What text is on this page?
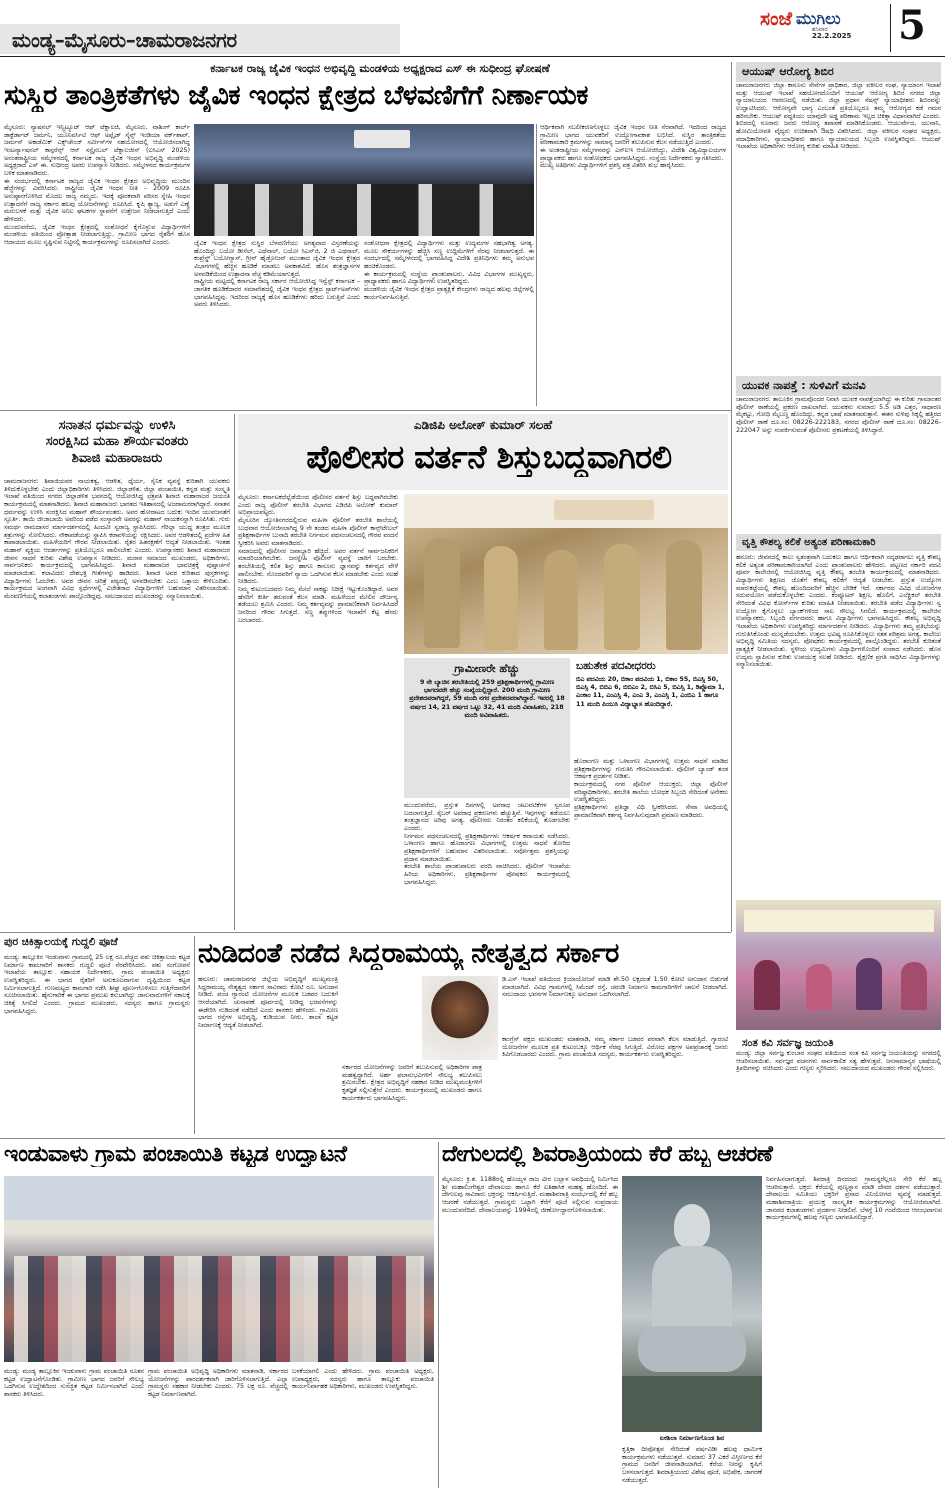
ಮಂಡ್ಯ–ಮೈಸೂರು–ಚಾಮರಾಜನಗರ
ಸಂಜೆ ಮುಗಿಲು
ಶನಿವಾರ
22.2.2025 5
ಕರ್ನಾಟಕ ರಾಜ್ಯ ಜೈವಿಕ ಇಂಧನ ಅಭಿವೃದ್ಧಿ ಮಂಡಳಿಯ ಅಧ್ಯಕ್ಷರಾದ ಎಸ್ ಈ ಸುಧೀಂದ್ರ ಘೋಷಣೆ
ಸುಸ್ಥಿರ ತಾಂತ್ರಿಕತೆಗಳು ಜೈವಿಕ ಇಂಧನ ಕ್ಷೇತ್ರದ ಬೆಳವಣಿಗೆಗೆ ನಿರ್ಣಾಯಕ
ಮೈಸೂರು: ನ್ಯಾಷನಲ್ ಇನ್ಸ್ಟಿಟ್ಯೂಟ್ ಆಫ್ ಟೆಕ್ನಾಲಜಿ, ಮೈಸೂರು, ವಾಶಿಂಗ್ ಕಾರ್ಲ್ ಡಾಕ್ಟೆರ್ಡಾಟ್ ಜರ್ಮನಿ, ಯೂನಿವರ್ಸಿಟಿ ಆಫ್ ಅಪ್ಲೈಡ್ ಸೈನ್ಸ್ ಇಂಡಿಯಾ ವರ್ಕ್‌ಶಾಪ್, ಜರ್ಮನ್ ಅಕಾಡೆಮಿಕ್ ಎಕ್ಸ್‌ಚೇಂಜ್ ಸರ್ವೀಸ್‌ಗಳ ಸಹಯೋಗದಲ್ಲಿ ಆಯೋಜಿಸಲಾಗಿದ್ದ ಇಂಟರ್ನ್ಯಾಷನಲ್ ಕಾನ್ಫರೆನ್ಸ್ ಆನ್ ಸಸ್ಟೈನಬಲ್ ಟೆಕ್ನಾಲಜೀಸ್ (ಐಸಿಎಸ್ 2025) ಅನಂತರಾಷ್ಟ್ರೀಯ ಸಮ್ಮೇಳನದಲ್ಲಿ ಕರ್ನಾಟಕ ರಾಜ್ಯ ಜೈವಿಕ ಇಂಧನ ಅಭಿವೃದ್ಧಿ ಮಂಡಳಿಯ ಅಧ್ಯಕ್ಷರಾದ ಎಸ್ ಈ. ಸುಧೀಂದ್ರ ಅವರು ಉಪನ್ಯಾಸ ನೀಡಿದರು. ಸಮ್ಮೇಳನದ ಕಾರ್ಯಕ್ರಮಗಳ ಬಳಿಕ ಮಾತನಾಡಿದರು.
ಈ ಸಂದರ್ಭದಲ್ಲಿ ಕರ್ನಾಟಕ ರಾಜ್ಯದ ಜೈವಿಕ ಇಂಧನ ಕ್ಷೇತ್ರದ ಅಭಿವೃದ್ಧಿಯ ಮುಂದಿನ ಹೆಜ್ಜೆಗಳನ್ನು ವಿವರಿಸಿದರು. ರಾಷ್ಟ್ರೀಯ ಜೈವಿಕ ಇಂಧನ ನೀತಿ – 2009 ರೂಪಿಸಿ ಅನುಷ್ಠಾನಗೊಳಿಸಿದ ಮೊದಲ ರಾಜ್ಯ ನಮ್ಮದು. ಇದಕ್ಕೆ ಪೂರಕವಾಗಿ ಪರಿಸರ ಸ್ನೇಹಿ ಇಂಧನ ಉತ್ಪಾದನೆಗೆ ರಾಜ್ಯ ಸರ್ಕಾರ ಹಲವು ಯೋಜನೆಗಳನ್ನು ರೂಪಿಸಿದೆ. ಕೃಷಿ ತ್ಯಾಜ್ಯ, ಅಡುಗೆ ಎಣ್ಣೆ ಮರುಬಳಕೆ ಮತ್ತು ಜೈವಿಕ ಅನಿಲ ಘಟಕಗಳ ಸ್ಥಾಪನೆಗೆ ಉತ್ತೇಜನ ನೀಡಲಾಗುತ್ತಿದೆ ಎಂದು ಹೇಳಿದರು.
ಮುಂದುವರೆದು, ಜೈವಿಕ ಇಂಧನ ಕ್ಷೇತ್ರದಲ್ಲಿ ಸಂಶೋಧನೆ ಕೈಗೊಳ್ಳುವ ವಿದ್ಯಾರ್ಥಿಗಳಿಗೆ ಮಂಡಳಿಯ ವತಿಯಿಂದ ಪ್ರೋತ್ಸಾಹ ನೀಡಲಾಗುತ್ತಿದ್ದು, ಗ್ರಾಮೀಣ ಭಾಗದ ರೈತರಿಗೆ ಹೊಸ ಆದಾಯದ ಮೂಲ ಸೃಷ್ಟಿಸುವ ನಿಟ್ಟಿನಲ್ಲಿ ಕಾರ್ಯಕ್ರಮಗಳನ್ನು ರೂಪಿಸಲಾಗಿದೆ ಎಂದರು.	ಜೈವಿಕ ಇಂಧನ ಕ್ಷೇತ್ರದ ಸುಸ್ಥಿರ ಬೆಳವಣಿಗೆಯು ಅಗತ್ಯವಾದ ವಿಸ್ತರಣೆಯನ್ನು ಹೊಂದಿದ್ದು ಬಯೋ ಡೀಸೆಲ್, ಎಥೆನಾಲ್, ಬಯೋ ಸಿಎನ್‌ಜಿ, 2 ಜಿ ಎಥನಾಲ್, ಕಂಪ್ರೆಸ್ಡ್ ಬಯೋಗ್ಯಾಸ್, ಗ್ರೀನ್ ಹೈಡ್ರೋಜನ್ ಮುಂತಾದ ಜೈವಿಕ ಇಂಧನ ಕ್ಷೇತ್ರದ ವಿಭಾಗಗಳಲ್ಲಿ ಹೆಚ್ಚಿನ ಹೂಡಿಕೆ ಮಾಡಲು ಅವಕಾಶವಿದೆ. ಹೊಸ ತಂತ್ರಜ್ಞಾನಗಳ ಅಳವಡಿಕೆಯಿಂದ ಉತ್ಪಾದನಾ ವೆಚ್ಚ ಕಡಿಮೆಯಾಗುತ್ತದೆ.
ರಾಷ್ಟ್ರೀಯ ಮಟ್ಟದಲ್ಲಿ ಕರ್ನಾಟಕ ರಾಜ್ಯ ಸರ್ಕಾರ ಆಯೋಜಿಸಿದ್ದ ಇನ್ವೆಸ್ಟ್ ಕರ್ನಾಟಕ – ಜಾಗತಿಕ ಹೂಡಿಕೆದಾರರ ಸಮಾವೇಶದಲ್ಲಿ ಜೈವಿಕ ಇಂಧನ ಕ್ಷೇತ್ರದ ಸ್ಟಾರ್ಟ್‌ಅಪ್‌ಗಳು ಭಾಗವಹಿಸಿದ್ದವು. ಇದರಿಂದ ರಾಜ್ಯಕ್ಕೆ ಹೊಸ ಹೂಡಿಕೆಗಳು ಹರಿದು ಬರುತ್ತಿವೆ ಎಂದು ಅವರು ತಿಳಿಸಿದರು.
ಸಂಶೋಧನಾ ಕ್ಷೇತ್ರದಲ್ಲಿ ವಿದ್ಯಾರ್ಥಿಗಳು ಮತ್ತು ಉದ್ಯಮಗಳ ಸಹಭಾಗಿತ್ವ ಅಗತ್ಯ. ಮೂಲ ಸೌಕರ್ಯಗಳನ್ನು ಹೆಚ್ಚಿಸಿ ಸಣ್ಣ ಉದ್ದಿಮೆಗಳಿಗೆ ನೆರವು ನೀಡಲಾಗುತ್ತದೆ. ಈ ಸಂದರ್ಭದಲ್ಲಿ ಸಮ್ಮೇಳನದಲ್ಲಿ ಭಾಗವಹಿಸಿದ್ದ ವಿದೇಶಿ ಪ್ರತಿನಿಧಿಗಳು ತಮ್ಮ ಅನುಭವ ಹಂಚಿಕೊಂಡರು.
ಈ ಕಾರ್ಯಕ್ರಮದಲ್ಲಿ ಸಂಸ್ಥೆಯ ಪ್ರಾಂಶುಪಾಲರು, ವಿವಿಧ ವಿಭಾಗಗಳ ಮುಖ್ಯಸ್ಥರು, ಪ್ರಾಧ್ಯಾಪಕರು ಹಾಗೂ ವಿದ್ಯಾರ್ಥಿಗಳು ಉಪಸ್ಥಿತರಿದ್ದರು.
ಮಂಡಳಿಯ ಜೈವಿಕ ಇಂಧನ ಕ್ಷೇತ್ರದ ಪ್ರಾತ್ಯಕ್ಷಿಕೆ ಕೇಂದ್ರಗಳು ರಾಜ್ಯದ ಹಲವು ಜಿಲ್ಲೆಗಳಲ್ಲಿ ಕಾರ್ಯನಿರ್ವಹಿಸುತ್ತಿವೆ.
ಆರ್ಥಿಕವಾಗಿ ಸಬಲೀಕರಣಗೊಳ್ಳಲು ಜೈವಿಕ ಇಂಧನ ನೀತಿ ನೆರವಾಗಿದೆ. ಇದರಿಂದ ರಾಜ್ಯದ ಗ್ರಾಮೀಣ ಭಾಗದ ಯುವಕರಿಗೆ ಉದ್ಯೋಗಾವಕಾಶ ಲಭಿಸಿದೆ. ಸುಸ್ಥಿರ ತಾಂತ್ರಿಕತೆಯ ಪರಿಣಾಮಕಾರಿ ಕ್ರಮಗಳನ್ನು ಸಾಮಾನ್ಯ ಜನರಿಗೆ ತಲುಪಿಸುವ ಕೆಲಸ ನಡೆಯುತ್ತಿದೆ ಎಂದರು.
ಈ ಅಂತರಾಷ್ಟ್ರೀಯ ಸಮ್ಮೇಳನವನ್ನು ಎನ್‌ಐಇ ಆಯೋಜಿಸಿದ್ದು, ವಿದೇಶಿ ವಿಶ್ವವಿದ್ಯಾಲಯಗಳ ಪ್ರಾಧ್ಯಾಪಕರು ಹಾಗೂ ಸಂಶೋಧಕರು ಭಾಗವಹಿಸಿದ್ದರು. ಸಂಸ್ಥೆಯ ನಿರ್ದೇಶಕರು ಸ್ವಾಗತಿಸಿದರು.
ಮುಖ್ಯ ಅತಿಥಿಗಳು ವಿದ್ಯಾರ್ಥಿಗಳಿಗೆ ಪ್ರಶಸ್ತಿ ಪತ್ರ ವಿತರಿಸಿ ಶುಭ ಹಾರೈಸಿದರು.
ಆಯುಷ್ ಆರೋಗ್ಯ ಶಿಬಿರ
ಚಾಮರಾಜನಗರ: ಜಿಲ್ಲಾ ಕಾನೂನು ಸೇವೆಗಳ ಪ್ರಾಧಿಕಾರ, ಜಿಲ್ಲಾ ವಕೀಲರ ಸಂಘ, ನ್ಯಾಯಾಂಗ ಇಲಾಖೆ ಮತ್ತು ಆಯುಷ್ ಇಲಾಖೆ ಸಹಯೋಗದೊಂದಿಗೆ ಆಯುಷ್ ಆರೋಗ್ಯ ಶಿಬಿರ ನಗರದ ಜಿಲ್ಲಾ ನ್ಯಾಯಾಲಯದ ಆವರಣದಲ್ಲಿ ನಡೆಯಿತು. ಜಿಲ್ಲಾ ಪ್ರಧಾನ ಸೆಷನ್ಸ್ ನ್ಯಾಯಾಧೀಶರು ಶಿಬಿರವನ್ನು ಉದ್ಘಾಟಿಸಿದರು. ಆರೋಗ್ಯವೇ ಭಾಗ್ಯ ಎಂಬಂತೆ ಪ್ರತಿಯೊಬ್ಬರೂ ತಮ್ಮ ಆರೋಗ್ಯದ ಕಡೆ ಗಮನ ಹರಿಸಬೇಕು. ಆಯುಷ್ ಪದ್ಧತಿಯು ಯಾವುದೇ ಅಡ್ಡ ಪರಿಣಾಮ ಇಲ್ಲದ ಚಿಕಿತ್ಸಾ ವಿಧಾನವಾಗಿದೆ ಎಂದರು. ಶಿಬಿರದಲ್ಲಿ ನೂರಾರು ಜನರು ಆರೋಗ್ಯ ತಪಾಸಣೆ ಮಾಡಿಸಿಕೊಂಡರು. ಆಯುರ್ವೇದ, ಯುನಾನಿ, ಹೋಮಿಯೋಪತಿ ವೈದ್ಯರು ಉಚಿತವಾಗಿ ಔಷಧಿ ವಿತರಿಸಿದರು. ಜಿಲ್ಲಾ ವಕೀಲರ ಸಂಘದ ಅಧ್ಯಕ್ಷರು, ಪದಾಧಿಕಾರಿಗಳು, ನ್ಯಾಯಾಧೀಶರು ಹಾಗೂ ನ್ಯಾಯಾಲಯದ ಸಿಬ್ಬಂದಿ ಉಪಸ್ಥಿತರಿದ್ದರು. ಆಯುಷ್ ಇಲಾಖೆಯ ಅಧಿಕಾರಿಗಳು ಆರೋಗ್ಯ ಕುರಿತು ಮಾಹಿತಿ ನೀಡಿದರು.
ಯುವಕ ನಾಪತ್ತೆ : ಸುಳಿವಿಗೆ ಮನವಿ
ಚಾಮರಾಜನಗರ: ತಾಲೂಕಿನ ಗ್ರಾಮವೊಂದರ ನಿವಾಸಿ ಯುವಕ ನಾಪತ್ತೆಯಾಗಿದ್ದು ಈ ಕುರಿತು ಗ್ರಾಮಾಂತರ ಪೊಲೀಸ್ ಠಾಣೆಯಲ್ಲಿ ಪ್ರಕರಣ ದಾಖಲಾಗಿದೆ. ಯುವಕನು ಸುಮಾರು 5.5 ಅಡಿ ಎತ್ತರ, ಸಾಧಾರಣ ಮೈಕಟ್ಟು, ಗೋಧಿ ಮೈಬಣ್ಣ ಹೊಂದಿದ್ದು, ಕನ್ನಡ ಭಾಷೆ ಮಾತನಾಡುತ್ತಾನೆ. ಈತನ ಸುಳಿವು ಸಿಕ್ಕಲ್ಲಿ ಹತ್ತಿರದ ಪೊಲೀಸ್ ಠಾಣೆ ದೂ.ಸಂ: 08226-222183, ನಗರದ ಪೊಲೀಸ್ ಠಾಣೆ ದೂ.ಸಂ: 08226-222047 ಅನ್ನು ಸಂಪರ್ಕಿಸುವಂತೆ ಪೊಲೀಸರು ಪ್ರಕಟಣೆಯಲ್ಲಿ ತಿಳಿಸಿದ್ದಾರೆ.
ವೃತ್ತಿ ಕೌಶಲ್ಯ ಕಲಿಕೆ ಅತ್ಯಂತ ಪರಿಣಾಮಕಾರಿ
ಹನೂರು: ಜೀವನದಲ್ಲಿ ಕಾಲು ಸ್ವತಂತ್ರವಾಗಿ ಬದುಕಲು ಹಾಗೂ ಆರ್ಥಿಕವಾಗಿ ಸದೃಢರಾಗಲು ವೃತ್ತಿ ಕೌಶಲ್ಯ ಕಲಿಕೆ ಅತ್ಯಂತ ಪರಿಣಾಮಕಾರಿಯಾಗಿದೆ ಎಂದು ಪ್ರಾಂಶುಪಾಲರು ಹೇಳಿದರು. ಪಟ್ಟಣದ ಸರ್ಕಾರಿ ಪದವಿ ಪೂರ್ವ ಕಾಲೇಜಿನಲ್ಲಿ ಆಯೋಜಿಸಿದ್ದ ವೃತ್ತಿ ಕೌಶಲ್ಯ ತರಬೇತಿ ಕಾರ್ಯಕ್ರಮದಲ್ಲಿ ಮಾತನಾಡಿದರು. ವಿದ್ಯಾರ್ಥಿಗಳು ಶಿಕ್ಷಣದ ಜೊತೆಗೆ ಕೌಶಲ್ಯ ಕಲಿಕೆಗೆ ಆದ್ಯತೆ ನೀಡಬೇಕು. ಪ್ರಸ್ತುತ ಉದ್ಯೋಗ ಮಾರುಕಟ್ಟೆಯಲ್ಲಿ ಕೌಶಲ್ಯ ಹೊಂದಿದವರಿಗೆ ಹೆಚ್ಚಿನ ಬೇಡಿಕೆ ಇದೆ. ಸರ್ಕಾರದ ವಿವಿಧ ಯೋಜನೆಗಳ ಸದುಪಯೋಗ ಪಡೆದುಕೊಳ್ಳಬೇಕು ಎಂದರು. ಕಂಪ್ಯೂಟರ್ ಶಿಕ್ಷಣ, ಹೊಲಿಗೆ, ಎಲೆಕ್ಟ್ರಿಕಲ್ ತರಬೇತಿ ಸೇರಿದಂತೆ ವಿವಿಧ ಕೋರ್ಸ್‌ಗಳ ಕುರಿತು ಮಾಹಿತಿ ನೀಡಲಾಯಿತು. ತರಬೇತಿ ಪಡೆದ ವಿದ್ಯಾರ್ಥಿಗಳು ಸ್ವ ಉದ್ಯೋಗ ಕೈಗೊಳ್ಳಲು ಬ್ಯಾಂಕ್‌ಗಳಿಂದ ಸಾಲ ಸೌಲಭ್ಯ ಸಿಗಲಿದೆ. ಕಾರ್ಯಕ್ರಮದಲ್ಲಿ ಕಾಲೇಜಿನ ಉಪನ್ಯಾಸಕರು, ಸಿಬ್ಬಂದಿ ವರ್ಗದವರು ಹಾಗೂ ವಿದ್ಯಾರ್ಥಿಗಳು ಭಾಗವಹಿಸಿದ್ದರು. ಕೌಶಲ್ಯ ಅಭಿವೃದ್ಧಿ ಇಲಾಖೆಯ ಅಧಿಕಾರಿಗಳು ಉಪಸ್ಥಿತರಿದ್ದು ಮಾರ್ಗದರ್ಶನ ನೀಡಿದರು. ವಿದ್ಯಾರ್ಥಿಗಳು ತಮ್ಮ ಪ್ರತಿಭೆಯನ್ನು ಗುರುತಿಸಿಕೊಂಡು ಮುನ್ನಡೆಯಬೇಕು. ಉತ್ತಮ ಭವಿಷ್ಯ ರೂಪಿಸಿಕೊಳ್ಳಲು ಸತತ ಪರಿಶ್ರಮ ಅಗತ್ಯ. ಕಾಲೇಜು ಅಭಿವೃದ್ಧಿ ಸಮಿತಿಯ ಸದಸ್ಯರು, ಪೋಷಕರು ಕಾರ್ಯಕ್ರಮದಲ್ಲಿ ಪಾಲ್ಗೊಂಡಿದ್ದರು. ತರಬೇತಿ ಕುರಿತಂತೆ ಪ್ರಾತ್ಯಕ್ಷಿಕೆ ನೀಡಲಾಯಿತು. ಸ್ಥಳೀಯ ಉದ್ಯಮಿಗಳು ವಿದ್ಯಾರ್ಥಿಗಳೊಂದಿಗೆ ಸಂವಾದ ನಡೆಸಿದರು. ಹೊಸ ಉದ್ಯಮ ಸ್ಥಾಪಿಸುವ ಕುರಿತು ಉಪಯುಕ್ತ ಸಲಹೆ ನೀಡಿದರು. ಶೈಕ್ಷಣಿಕ ಪ್ರಗತಿ ಸಾಧಿಸಿದ ವಿದ್ಯಾರ್ಥಿಗಳನ್ನು ಸನ್ಮಾನಿಸಲಾಯಿತು.
ಸಂತ ಕವಿ ಸರ್ವಜ್ಞ ಜಯಂತಿ
ಮಂಡ್ಯ: ಜಿಲ್ಲಾ ಸರ್ವಜ್ಞ ಕುಂಬಾರ ಸಂಘದ ವತಿಯಿಂದ ಸಂತ ಕವಿ ಸರ್ವಜ್ಞ ಜಯಂತಿಯನ್ನು ನಗರದಲ್ಲಿ ಆಚರಿಸಲಾಯಿತು. ಸರ್ವಜ್ಞರ ವಚನಗಳು ಸಾರ್ವಕಾಲಿಕ ಸತ್ಯ ಹೇಳುತ್ತವೆ. ಜನಸಾಮಾನ್ಯರ ಭಾಷೆಯಲ್ಲಿ ತ್ರಿಪದಿಗಳನ್ನು ರಚಿಸಿದರು ಎಂದು ಗಣ್ಯರು ಸ್ಮರಿಸಿದರು. ಸಮುದಾಯದ ಮುಖಂಡರು ಗೌರವ ಸಲ್ಲಿಸಿದರು.
ಸನಾತನ ಧರ್ಮವನ್ನು ಉಳಿಸಿ
ಸಂರಕ್ಷಿಸಿದ ಮಹಾ ಶೌರ್ಯವಂತರು
ಶಿವಾಜಿ ಮಹಾರಾಜರು
ಚಾಮರಾಜನಗರ: ಶಿವಾಜಿಯವರ ನಾಯಕತ್ವ, ಆಡಳಿತ, ಧೈರ್ಯ, ಸೈನಿಕ ವ್ಯವಸ್ಥೆ ಕುರಿತಾಗಿ ಯುವಕರು ತಿಳಿದುಕೊಳ್ಳಬೇಕು ಎಂದು ಜಿಲ್ಲಾಧಿಕಾರಿಗಳು ತಿಳಿಸಿದರು. ಜಿಲ್ಲಾಡಳಿತ, ಜಿಲ್ಲಾ ಪಂಚಾಯಿತಿ, ಕನ್ನಡ ಮತ್ತು ಸಂಸ್ಕೃತಿ ಇಲಾಖೆ ವತಿಯಿಂದ ನಗರದ ಜಿಲ್ಲಾಡಳಿತ ಭವನದಲ್ಲಿ ಆಯೋಜಿಸಿದ್ದ ಛತ್ರಪತಿ ಶಿವಾಜಿ ಮಹಾರಾಜರ ಜಯಂತಿ ಕಾರ್ಯಕ್ರಮದಲ್ಲಿ ಮಾತನಾಡಿದರು. ಶಿವಾಜಿ ಮಹಾರಾಜರು ಭಾರತದ ಇತಿಹಾಸದಲ್ಲಿ ಅಜರಾಮರರಾಗಿದ್ದಾರೆ. ಸನಾತನ ಧರ್ಮವನ್ನು ಉಳಿಸಿ ಸಂರಕ್ಷಿಸಿದ ಮಹಾನ್ ಶೌರ್ಯವಂತರು. ಅವರ ಹೋರಾಟದ ಬದುಕು ಇಂದಿನ ಯುವಜನತೆಗೆ ಸ್ಫೂರ್ತಿ. ತಾಯಿ ಜೀಜಾಬಾಯಿ ಅವರಿಂದ ಪಡೆದ ಸಂಸ್ಕಾರವೇ ಅವರನ್ನು ಮಹಾನ್ ನಾಯಕನನ್ನಾಗಿ ರೂಪಿಸಿತು. ಗುರು ಸಮರ್ಥ ರಾಮದಾಸರ ಮಾರ್ಗದರ್ಶನದಲ್ಲಿ ಹಿಂದವೀ ಸ್ವರಾಜ್ಯ ಸ್ಥಾಪಿಸಿದರು. ಗೆರಿಲ್ಲಾ ಯುದ್ಧ ತಂತ್ರದ ಮೂಲಕ ಶತ್ರುಗಳನ್ನು ಸೋಲಿಸಿದರು. ನೌಕಾಪಡೆಯನ್ನು ಸ್ಥಾಪಿಸಿ ಕರಾವಳಿಯನ್ನು ರಕ್ಷಿಸಿದರು. ಅವರ ಆಡಳಿತದಲ್ಲಿ ಪ್ರಜೆಗಳ ಹಿತ ಕಾಪಾಡಲಾಯಿತು. ಮಹಿಳೆಯರಿಗೆ ಗೌರವ ನೀಡಲಾಯಿತು. ರೈತರ ಹಿತರಕ್ಷಣೆಗೆ ಆದ್ಯತೆ ನೀಡಲಾಯಿತು. ಇಂತಹ ಮಹಾನ್ ವ್ಯಕ್ತಿಯ ಆದರ್ಶಗಳನ್ನು ಪ್ರತಿಯೊಬ್ಬರೂ ಪಾಲಿಸಬೇಕು ಎಂದರು. ಉಪನ್ಯಾಸಕರು ಶಿವಾಜಿ ಮಹಾರಾಜರ ಜೀವನ ಸಾಧನೆ ಕುರಿತು ವಿಶೇಷ ಉಪನ್ಯಾಸ ನೀಡಿದರು. ಮರಾಠ ಸಮಾಜದ ಮುಖಂಡರು, ಅಧಿಕಾರಿಗಳು, ಸಾರ್ವಜನಿಕರು ಕಾರ್ಯಕ್ರಮದಲ್ಲಿ ಭಾಗವಹಿಸಿದ್ದರು. ಶಿವಾಜಿ ಮಹಾರಾಜರ ಭಾವಚಿತ್ರಕ್ಕೆ ಪುಷ್ಪಾರ್ಚನೆ ಮಾಡಲಾಯಿತು. ಕಲಾವಿದರು ದೇಶಭಕ್ತಿ ಗೀತೆಗಳನ್ನು ಹಾಡಿದರು. ಶಿವಾಜಿ ಅವರ ಕುರಿತಾದ ಪುಸ್ತಕಗಳನ್ನು ವಿದ್ಯಾರ್ಥಿಗಳು ಓದಬೇಕು. ಅವರ ಜೀವನ ಚರಿತ್ರೆ ಪಠ್ಯದಲ್ಲಿ ಅಳವಡಿಸಬೇಕು ಎಂಬ ಒತ್ತಾಯ ಕೇಳಿಬಂದಿತು. ಕಾರ್ಯಕ್ರಮದ ಅಂಗವಾಗಿ ವಿವಿಧ ಸ್ಪರ್ಧೆಗಳಲ್ಲಿ ವಿಜೇತರಾದ ವಿದ್ಯಾರ್ಥಿಗಳಿಗೆ ಬಹುಮಾನ ವಿತರಿಸಲಾಯಿತು. ಮೆರವಣಿಗೆಯಲ್ಲಿ ಕಲಾತಂಡಗಳು ಪಾಲ್ಗೊಂಡಿದ್ದವು. ಸಮುದಾಯದ ಮುಖಂಡರನ್ನು ಸನ್ಮಾನಿಸಲಾಯಿತು.
ಎಡಿಜಿಪಿ ಅಲೋಕ್ ಕುಮಾರ್ ಸಲಹೆ
ಪೊಲೀಸರ ವರ್ತನೆ ಶಿಸ್ತುಬದ್ಧವಾಗಿರಲಿ
ಮೈಸೂರು: ಕರ್ನಾಟಕದೆಲ್ಲೆಡೆಯಿಂದ ಪೊಲೀಸರ ವರ್ತನೆ ಶಿಸ್ತು ಬದ್ಧವಾಗಿರಬೇಕು ಎಂದು ರಾಜ್ಯ ಪೊಲೀಸ್ ತರಬೇತಿ ವಿಭಾಗದ ಎಡಿಜಿಪಿ ಅಲೋಕ್ ಕುಮಾರ್ ಅಭಿಪ್ರಾಯಪಟ್ಟರು.
ಮೈಸೂರಿನ ಜ್ಯೋತಿನಗರದಲ್ಲಿರುವ ಮಹಿಳಾ ಪೊಲೀಸ್ ತರಬೇತಿ ಶಾಲೆಯಲ್ಲಿ ಬುಧವಾರ ಆಯೋಜಿಸಲಾಗಿದ್ದ 9 ನೇ ತಂಡದ ಮಹಿಳಾ ಪೊಲೀಸ್ ಕಾನ್ಸ್‌ಟೇಬಲ್ ಪ್ರಶಿಕ್ಷಣಾರ್ಥಿಗಳ ಬುನಾದಿ ತರಬೇತಿ ನಿರ್ಗಮನ ಪಥಸಂಚಲನದಲ್ಲಿ ಗೌರವ ವಂದನೆ ಸ್ವೀಕರಿಸಿ ಅವರು ಮಾತನಾಡಿದರು.
ಸಮಾಜದಲ್ಲಿ ಪೊಲೀಸರ ಜವಾಬ್ದಾರಿ ಹೆಚ್ಚಿದೆ. ಅವರ ವರ್ತನೆ ಸಾರ್ವಜನಿಕರಿಗೆ ಮಾದರಿಯಾಗಿರಬೇಕು. ಜನಸ್ನೇಹಿ ಪೊಲೀಸ್ ವ್ಯವಸ್ಥೆ ಜಾರಿಗೆ ಬರಬೇಕು. ತರಬೇತಿಯಲ್ಲಿ ಕಲಿತ ಶಿಸ್ತು ಹಾಗೂ ಕಾನೂನು ಜ್ಞಾನವನ್ನು ಕರ್ತವ್ಯದ ವೇಳೆ ಪಾಲಿಸಬೇಕು. ನೊಂದವರಿಗೆ ನ್ಯಾಯ ಒದಗಿಸುವ ಕೆಲಸ ಮಾಡಬೇಕು ಎಂದು ಸಲಹೆ ನೀಡಿದರು.
ನಿಮ್ಮ ಕುಟುಂಬದವರು ನಿಮ್ಮ ಮೇಲೆ ಸಾಕಷ್ಟು ನಿರೀಕ್ಷೆ ಇಟ್ಟುಕೊಂಡಿದ್ದಾರೆ. ಅವರ ಹೆಸರಿಗೆ ಕೀರ್ತಿ ತರುವಂತೆ ಕೆಲಸ ಮಾಡಿ. ಮಹಿಳೆಯರ ಮೇಲಿನ ದೌರ್ಜನ್ಯ ತಡೆಯಲು ಶ್ರಮಿಸಿ ಎಂದರು. ನಿಮ್ಮ ಕರ್ತವ್ಯವನ್ನು ಪ್ರಾಮಾಣಿಕವಾಗಿ ನಿರ್ವಹಿಸಿದರೆ ಜನರಿಂದ ಗೌರವ ಸಿಗುತ್ತದೆ. ಸಣ್ಣ ತಪ್ಪುಗಳಿಂದ ಇಲಾಖೆಗೆ ಕೆಟ್ಟ ಹೆಸರು ಬರಬಾರದು.
ಗ್ರಾಮೀಣರೇ ಹೆಚ್ಚು
9 ನೇ ಬ್ಯಾಚಿನ ತರಬೇತಿಯಲ್ಲಿ 259 ಪ್ರಶಿಕ್ಷಣಾರ್ಥಿಗಳಲ್ಲಿ ಗ್ರಾಮೀಣ ಭಾಗದವರೇ ಹೆಚ್ಚು ಸಂಖ್ಯೆಯಲ್ಲಿದ್ದಾರೆ. 200 ಮಂದಿ ಗ್ರಾಮೀಣ ಪ್ರದೇಶದವರಾಗಿದ್ದರೆ, 59 ಮಂದಿ ನಗರ ಪ್ರದೇಶದವರಾಗಿದ್ದಾರೆ. ಇವರಲ್ಲಿ 18 ವರ್ಷದ 14, 21 ವರ್ಷದ ಒಟ್ಟು 32, 41 ಮಂದಿ ವಿವಾಹಿತರು, 218 ಮಂದಿ ಅವಿವಾಹಿತರು.
ಬಹುತೇಕ ಪದವೀಧರರು
ಬಿಎ ಪದವಿಯ 20, ಬಿಕಾಂ ಪದವಿಯ 1, ಬಿಕಾಂ 55, ಬಿಎಸ್ಸಿ 50, ಬಿಎಸ್ಸಿ 4, ಬಿಬಿಎ 6, ಬಿಬಿಎಂ 2, ಬಿಸಿಎ 5, ಬಿಎಸ್ಸಿ 1, ಡಿಪ್ಲೊಮಾ 1, ಎಂಕಾಂ 11, ಎಂಎಸ್ಸಿ 4, ಎಂಎ 3, ಎಂಎಸ್ಸಿ 1, ಎಂಬಿಎ 1 ಹಾಗೂ 11 ಮಂದಿ ಪಿಯುಸಿ ವಿದ್ಯಾಭ್ಯಾಸ ಹೊಂದಿದ್ದಾರೆ.
ಮುಂದುವರೆದು, ಪ್ರಸ್ತುತ ದಿನಗಳಲ್ಲಿ ಅಪರಾಧ ಚಟುವಟಿಕೆಗಳ ಸ್ವರೂಪ ಬದಲಾಗುತ್ತಿದೆ. ಸೈಬರ್ ಅಪರಾಧ ಪ್ರಕರಣಗಳು ಹೆಚ್ಚುತ್ತಿವೆ. ಇವುಗಳನ್ನು ತಡೆಯಲು ತಂತ್ರಜ್ಞಾನದ ಅರಿವು ಅಗತ್ಯ. ಪೊಲೀಸರು ನಿರಂತರ ಕಲಿಕೆಯಲ್ಲಿ ತೊಡಗಬೇಕು ಎಂದರು.
ನಿರ್ಗಮನ ಪಥಸಂಚಲನದಲ್ಲಿ ಪ್ರಶಿಕ್ಷಣಾರ್ಥಿಗಳು ಆಕರ್ಷಕ ಕವಾಯತು ನಡೆಸಿದರು. ಒಳಾಂಗಣ ಹಾಗೂ ಹೊರಾಂಗಣ ವಿಭಾಗಗಳಲ್ಲಿ ಉತ್ತಮ ಸಾಧನೆ ತೋರಿದ ಪ್ರಶಿಕ್ಷಣಾರ್ಥಿಗಳಿಗೆ ಬಹುಮಾನ ವಿತರಿಸಲಾಯಿತು. ಸರ್ವೋತ್ತಮ ಪ್ರಶಸ್ತಿಯನ್ನು ಪ್ರದಾನ ಮಾಡಲಾಯಿತು.
ತರಬೇತಿ ಶಾಲೆಯ ಪ್ರಾಂಶುಪಾಲರು ವರದಿ ವಾಚಿಸಿದರು. ಪೊಲೀಸ್ ಇಲಾಖೆಯ ಹಿರಿಯ ಅಧಿಕಾರಿಗಳು, ಪ್ರಶಿಕ್ಷಣಾರ್ಥಿಗಳ ಪೋಷಕರು ಕಾರ್ಯಕ್ರಮದಲ್ಲಿ ಭಾಗವಹಿಸಿದ್ದರು.
ಹೊರಾಂಗಣ ಮತ್ತು ಒಳಾಂಗಣ ವಿಭಾಗಗಳಲ್ಲಿ ಉತ್ತಮ ಸಾಧನೆ ಮಾಡಿದ ಪ್ರಶಿಕ್ಷಣಾರ್ಥಿಗಳನ್ನು ಗುರುತಿಸಿ ಗೌರವಿಸಲಾಯಿತು. ಪೊಲೀಸ್ ಬ್ಯಾಂಡ್ ತಂಡ ಆಕರ್ಷಕ ಪ್ರದರ್ಶನ ನೀಡಿತು.
ಕಾರ್ಯಕ್ರಮದಲ್ಲಿ ನಗರ ಪೊಲೀಸ್ ಆಯುಕ್ತರು, ಜಿಲ್ಲಾ ಪೊಲೀಸ್ ವರಿಷ್ಠಾಧಿಕಾರಿಗಳು, ತರಬೇತಿ ಶಾಲೆಯ ಬೋಧಕ ಸಿಬ್ಬಂದಿ ಸೇರಿದಂತೆ ಅನೇಕರು ಉಪಸ್ಥಿತರಿದ್ದರು.
ಪ್ರಶಿಕ್ಷಣಾರ್ಥಿಗಳು ಪ್ರತಿಜ್ಞಾ ವಿಧಿ ಸ್ವೀಕರಿಸಿದರು. ಸೇವಾ ಅವಧಿಯಲ್ಲಿ ಪ್ರಾಮಾಣಿಕವಾಗಿ ಕರ್ತವ್ಯ ನಿರ್ವಹಿಸುವುದಾಗಿ ಪ್ರಮಾಣ ಮಾಡಿದರು.
ಪುರ ಚಿಕಿತ್ಸಾಲಯಕ್ಕೆ ಗುದ್ದಲಿ ಪೂಜೆ
ಮಂಡ್ಯ: ತಾಲ್ಲೂಕಿನ ಇಂಡುವಾಳು ಗ್ರಾಮದಲ್ಲಿ 25 ಲಕ್ಷ ರೂ.ವೆಚ್ಚದ ಪಶು ಚಿಕಿತ್ಸಾಲಯ ಕಟ್ಟಡ ನಿರ್ಮಾಣ ಕಾಮಗಾರಿಗೆ ಶಾಸಕರು ಗುದ್ದಲಿ ಪೂಜೆ ನೆರವೇರಿಸಿದರು. ಪಶು ಸಂಗೋಪನೆ ಇಲಾಖೆಯ ತಾಲ್ಲೂಕು ಸಹಾಯಕ ನಿರ್ದೇಶಕರು, ಗ್ರಾಮ ಪಂಚಾಯಿತಿ ಅಧ್ಯಕ್ಷರು ಉಪಸ್ಥಿತರಿದ್ದರು. ಈ ಭಾಗದ ರೈತರಿಗೆ ಅನುಕೂಲವಾಗುವ ದೃಷ್ಟಿಯಿಂದ ಕಟ್ಟಡ ನಿರ್ಮಿಸಲಾಗುತ್ತಿದೆ. ಗುಣಮಟ್ಟದ ಕಾಮಗಾರಿ ನಡೆಸಿ ಶೀಘ್ರ ಪೂರ್ಣಗೊಳಿಸಲು ಗುತ್ತಿಗೆದಾರರಿಗೆ ಸೂಚಿಸಲಾಯಿತು. ಹೈನುಗಾರಿಕೆ ಈ ಭಾಗದ ಪ್ರಮುಖ ಕಸುಬಾಗಿದ್ದು ಜಾನುವಾರುಗಳಿಗೆ ಸಕಾಲಕ್ಕೆ ಚಿಕಿತ್ಸೆ ಸಿಗಲಿದೆ ಎಂದರು. ಗ್ರಾಮದ ಮುಖಂಡರು, ಸದಸ್ಯರು ಹಾಗೂ ಗ್ರಾಮಸ್ಥರು ಭಾಗವಹಿಸಿದ್ದರು.
ನುಡಿದಂತೆ ನಡೆದ ಸಿದ್ದರಾಮಯ್ಯ ನೇತೃತ್ವದ ಸರ್ಕಾರ
ಹನೂರು: ಚಾಮರಾಜನಗರ ಜಿಲ್ಲೆಯ ಅಭಿವೃದ್ಧಿಗೆ ಮುಖ್ಯಮಂತ್ರಿ ಸಿದ್ದರಾಮಯ್ಯ ನೇತೃತ್ವದ ಸರ್ಕಾರ ಸಾವಿರಾರು ಕೋಟಿ ರೂ. ಅನುದಾನ ನೀಡಿದೆ. ಪಂಚ ಗ್ಯಾರಂಟಿ ಯೋಜನೆಗಳ ಮೂಲಕ ಬಡವರ ಬದುಕಿಗೆ ಆಸರೆಯಾಗಿದೆ. ಚುನಾವಣೆ ಪೂರ್ವದಲ್ಲಿ ನೀಡಿದ್ದ ಭರವಸೆಗಳನ್ನು ಈಡೇರಿಸಿ ನುಡಿದಂತೆ ನಡೆದಿದೆ ಎಂದು ಶಾಸಕರು ಹೇಳಿದರು. ಗ್ರಾಮೀಣ ಭಾಗದ ರಸ್ತೆಗಳ ಅಭಿವೃದ್ಧಿ, ಕುಡಿಯುವ ನೀರು, ಶಾಲಾ ಕಟ್ಟಡ ನಿರ್ಮಾಣಕ್ಕೆ ಆದ್ಯತೆ ನೀಡಲಾಗಿದೆ.
ಸರ್ಕಾರದ ಯೋಜನೆಗಳನ್ನು ಜನರಿಗೆ ತಲುಪಿಸುವಲ್ಲಿ ಅಧಿಕಾರಿಗಳ ಪಾತ್ರ ಮಹತ್ವದ್ದಾಗಿದೆ. ಅರ್ಹ ಫಲಾನುಭವಿಗಳಿಗೆ ಸೌಲಭ್ಯ ತಲುಪಿಸಲು ಶ್ರಮಿಸಬೇಕು. ಕ್ಷೇತ್ರದ ಅಭಿವೃದ್ಧಿಗೆ ಸಹಕಾರ ನೀಡಿದ ಮುಖ್ಯಮಂತ್ರಿಗಳಿಗೆ ಕೃತಜ್ಞತೆ ಸಲ್ಲಿಸುತ್ತೇನೆ ಎಂದರು. ಕಾರ್ಯಕ್ರಮದಲ್ಲಿ ಮುಖಂಡರು ಹಾಗೂ ಕಾರ್ಯಕರ್ತರು ಭಾಗವಹಿಸಿದ್ದರು.
ಡಿ.ಎಸ್ ಇಲಾಖೆ ವತಿಯಿಂದ ಕ್ರಿಯಾಯೋಜನೆ ಮಾಡಿ ಶೇ.50 ಲಕ್ಷದಂತೆ 1.50 ಕೋಟಿ ಅನುದಾನ ಬಿಡುಗಡೆ ಮಾಡಲಾಗಿದೆ. ವಿವಿಧ ಗ್ರಾಮಗಳಲ್ಲಿ ಸಿಮೆಂಟ್ ರಸ್ತೆ, ಚರಂಡಿ ನಿರ್ಮಾಣ ಕಾಮಗಾರಿಗಳಿಗೆ ಚಾಲನೆ ನೀಡಲಾಗಿದೆ. ಸಮುದಾಯ ಭವನಗಳ ನಿರ್ಮಾಣಕ್ಕೂ ಅನುದಾನ ಒದಗಿಸಲಾಗಿದೆ.
ಕಾಂಗ್ರೆಸ್ ಪಕ್ಷದ ಮುಖಂಡರು ಮಾತನಾಡಿ, ನಮ್ಮ ಸರ್ಕಾರ ಬಡವರ ಪರವಾಗಿ ಕೆಲಸ ಮಾಡುತ್ತಿದೆ. ಗ್ಯಾರಂಟಿ ಯೋಜನೆಗಳ ಮೂಲಕ ಪ್ರತಿ ಕುಟುಂಬಕ್ಕೂ ಆರ್ಥಿಕ ನೆರವು ಸಿಗುತ್ತಿದೆ. ವಿರೋಧ ಪಕ್ಷಗಳ ಅಪಪ್ರಚಾರಕ್ಕೆ ಜನರು ಕಿವಿಗೊಡಬಾರದು ಎಂದರು. ಗ್ರಾಮ ಪಂಚಾಯಿತಿ ಸದಸ್ಯರು, ಕಾರ್ಯಕರ್ತರು ಉಪಸ್ಥಿತರಿದ್ದರು.
ಇಂಡುವಾಳು ಗ್ರಾಮ ಪಂಚಾಯಿತಿ ಕಟ್ಟಡ ಉದ್ಘಾಟನೆ
ಮಂಡ್ಯ: ಮಂಡ್ಯ ತಾಲ್ಲೂಕಿನ ಇಂಡುವಾಳು ಗ್ರಾಮ ಪಂಚಾಯಿತಿ ನೂತನ ಕಟ್ಟಡ ಉದ್ಘಾಟನೆಗೊಂಡಿತು. ಗ್ರಾಮೀಣ ಭಾಗದ ಜನರಿಗೆ ಸೌಲಭ್ಯ ಒದಗಿಸುವ ಉದ್ದೇಶದಿಂದ ಸುಸಜ್ಜಿತ ಕಟ್ಟಡ ನಿರ್ಮಿಸಲಾಗಿದೆ ಎಂದು ಶಾಸಕರು ತಿಳಿಸಿದರು.
ಗ್ರಾಮ ಪಂಚಾಯಿತಿ ಅಭಿವೃದ್ಧಿ ಅಧಿಕಾರಿಗಳು ಮಾತನಾಡಿ, ಸರ್ಕಾರದ ಯೋಜನೆಗಳನ್ನು ಪಾರದರ್ಶಕವಾಗಿ ಜಾರಿಗೊಳಿಸಲಾಗುತ್ತಿದೆ. ಎಲ್ಲಾ ಗ್ರಾಮಸ್ಥರು ಸಹಕಾರ ನೀಡಬೇಕು ಎಂದರು. 75 ಲಕ್ಷ ರೂ. ವೆಚ್ಚದಲ್ಲಿ ಕಟ್ಟಡ ನಿರ್ಮಾಣವಾಗಿದೆ.
ಬಳಕೆಯಾಗಲಿ ಎಂದು ಹೇಳಿದರು. ಗ್ರಾಮ ಪಂಚಾಯಿತಿ ಅಧ್ಯಕ್ಷರು, ಉಪಾಧ್ಯಕ್ಷರು, ಸದಸ್ಯರು ಹಾಗೂ ತಾಲ್ಲೂಕು ಪಂಚಾಯಿತಿ ಕಾರ್ಯನಿರ್ವಾಹಕ ಅಧಿಕಾರಿಗಳು, ಮುಖಂಡರು ಉಪಸ್ಥಿತರಿದ್ದರು.
ದೇಗುಲದಲ್ಲಿ ಶಿವರಾತ್ರಿಯಂದು ಕೆರೆ ಹಬ್ಬ ಆಚರಣೆ
ಮೈಸೂರು: ಕ್ರಿ.ಶ. 1188ರಲ್ಲಿ ಹೊಯ್ಸಳ ರಾಜ ವೀರ ಬಲ್ಲಾಳ ಅವಧಿಯಲ್ಲಿ ನಿರ್ಮಿಸಿದ ಶ್ರೀ ಮಹಾಲಿಂಗೇಶ್ವರ ದೇವಾಲಯ ಹಾಗೂ ಕೆರೆ ಐತಿಹಾಸಿಕ ಮಹತ್ವ ಹೊಂದಿದೆ. ಈ ದೇಗುಲವು ಸಾವಿರಾರು ಭಕ್ತರನ್ನು ಆಕರ್ಷಿಸುತ್ತಿದೆ. ಮಹಾಶಿವರಾತ್ರಿ ಸಂದರ್ಭದಲ್ಲಿ ಕೆರೆ ಹಬ್ಬ ಆಚರಣೆ ನಡೆಯುತ್ತದೆ. ಗ್ರಾಮಸ್ಥರು ಒಟ್ಟಾಗಿ ಕೆರೆಗೆ ಪೂಜೆ ಸಲ್ಲಿಸುವ ಸಂಪ್ರದಾಯ ಮುಂದುವರೆದಿದೆ. ದೇವಾಲಯವನ್ನು 1994ರಲ್ಲಿ ಜೀರ್ಣೋದ್ಧಾರಗೊಳಿಸಲಾಯಿತು.
ಏಕಶಿಲಾ ನಿರ್ಮಾಣಗೊಂಡ ಶಿವ
ಕೃತ್ತಿಕಾ ದೀಪೋತ್ಸವ ಸೇರಿದಂತೆ ವರ್ಷವಿಡೀ ಹಲವು ಧಾರ್ಮಿಕ ಕಾರ್ಯಕ್ರಮಗಳು ನಡೆಯುತ್ತವೆ. ಸುಮಾರು 37 ಎಕರೆ ವಿಸ್ತೀರ್ಣದ ಕೆರೆ ಗ್ರಾಮದ ಜನರಿಗೆ ಜೀವನಾಡಿಯಾಗಿದೆ. ಕೆರೆಯ ನೀರನ್ನು ಕೃಷಿಗೆ ಬಳಸಲಾಗುತ್ತದೆ. ಶಿವರಾತ್ರಿಯಂದು ವಿಶೇಷ ಪೂಜೆ, ಅಭಿಷೇಕ, ಜಾಗರಣೆ ನಡೆಯುತ್ತದೆ.
ನಿರ್ವಹಿಸಲಾಗುತ್ತದೆ. ಶಿವರಾತ್ರಿ ದಿನದಂದು ಗ್ರಾಮಸ್ಥರೆಲ್ಲರೂ ಸೇರಿ ಕೆರೆ ಹಬ್ಬ ಆಚರಿಸುತ್ತಾರೆ. ಭಕ್ತರು ಕೆರೆಯಲ್ಲಿ ಪುಣ್ಯಸ್ನಾನ ಮಾಡಿ ದೇವರ ದರ್ಶನ ಪಡೆಯುತ್ತಾರೆ. ದೇವಾಲಯ ಸಮಿತಿಯು ಭಕ್ತರಿಗೆ ಪ್ರಸಾದ ವಿನಿಯೋಗದ ವ್ಯವಸ್ಥೆ ಮಾಡುತ್ತದೆ. ಮಹಾಶಿವರಾತ್ರಿಯ ಪ್ರಯುಕ್ತ ಸಾಂಸ್ಕೃತಿಕ ಕಾರ್ಯಕ್ರಮಗಳನ್ನು ಆಯೋಜಿಸಲಾಗಿದೆ. ಜಾನಪದ ಕಲಾತಂಡಗಳು ಪ್ರದರ್ಶನ ನೀಡಲಿವೆ. ಬೆಳಗ್ಗೆ 10 ಗಂಟೆಯಿಂದ ಆರಂಭವಾಗುವ ಕಾರ್ಯಕ್ರಮಗಳಲ್ಲಿ ಹಲವು ಗಣ್ಯರು ಭಾಗವಹಿಸಲಿದ್ದಾರೆ.
